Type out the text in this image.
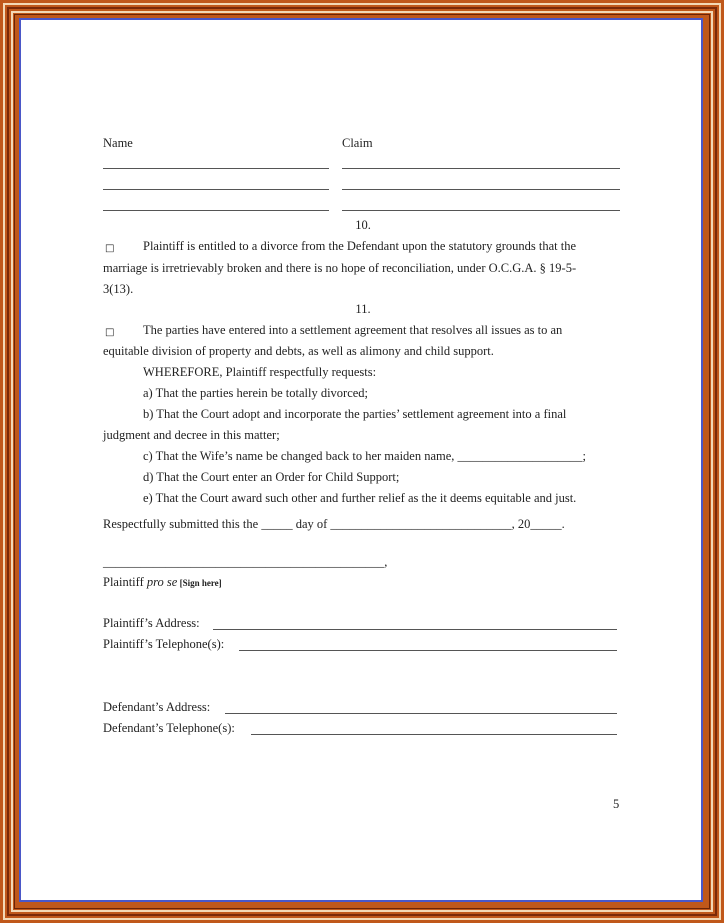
Name	Claim
10.
□ Plaintiff is entitled to a divorce from the Defendant upon the statutory grounds that the
marriage is irretrievably broken and there is no hope of reconciliation, under O.C.G.A. § 19-5-
3(13).
11.
□ The parties have entered into a settlement agreement that resolves all issues as to an
equitable division of property and debts, as well as alimony and child support.
WHEREFORE, Plaintiff respectfully requests:
a) That the parties herein be totally divorced;
b) That the Court adopt and incorporate the parties’ settlement agreement into a final
judgment and decree in this matter;
c) That the Wife’s name be changed back to her maiden name, ____________________;
d) That the Court enter an Order for Child Support;
e) That the Court award such other and further relief as the it deems equitable and just.
Respectfully submitted this the _____ day of _____________________________, 20_____.
_____________________________________________,
Plaintiff pro se [Sign here]
Plaintiff’s Address:
Plaintiff’s Telephone(s):
Defendant’s Address:
Defendant’s Telephone(s):
5
